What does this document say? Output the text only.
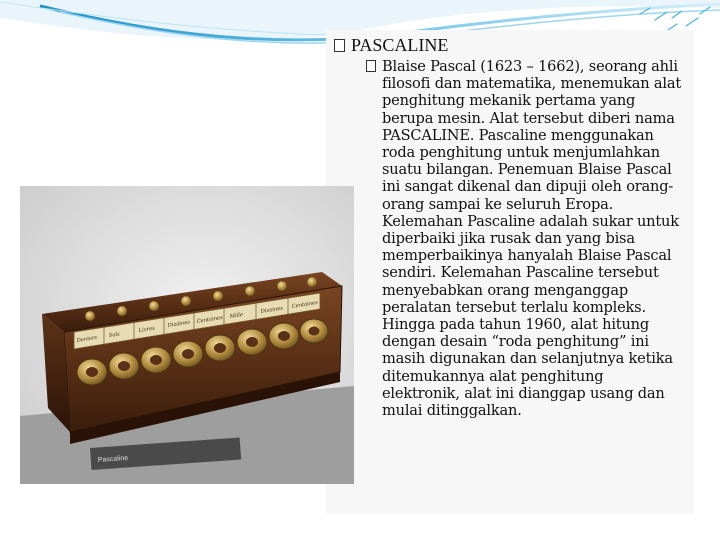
PASCALINE

Blaise Pascal (1623 – 1662), seorang ahli filosofi dan matematika, menemukan alat penghitung mekanik pertama yang berupa mesin. Alat tersebut diberi nama PASCALINE. Pascaline menggunakan roda penghitung untuk menjumlahkan suatu bilangan. Penemuan Blaise Pascal ini sangat dikenal dan dipuji oleh orang-orang sampai ke seluruh Eropa. Kelemahan Pascaline adalah sukar untuk diperbaiki jika rusak dan yang bisa memperbaikinya hanyalah Blaise Pascal sendiri. Kelemahan Pascaline tersebut menyebabkan orang menganggap peralatan tersebut terlalu kompleks. Hingga pada tahun 1960, alat hitung dengan desain “roda penghitung” ini masih digunakan dan selanjutnya ketika ditemukannya alat penghitung elektronik, alat ini dianggap usang dan mulai ditinggalkan.

Deniers Sols
Livres
Dizaines Centaines Mille
Dizaines
Centaines
Pascaline
